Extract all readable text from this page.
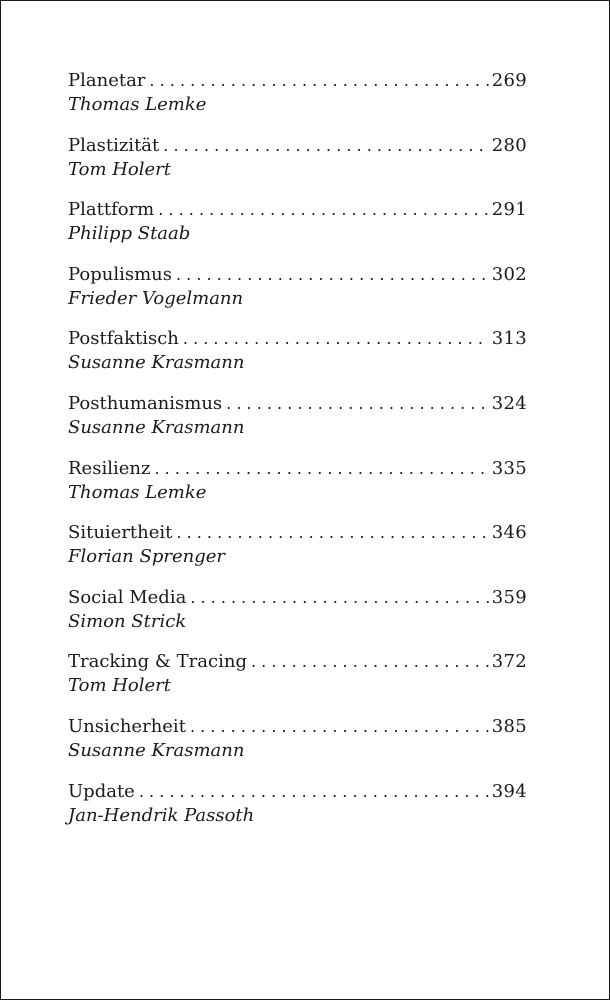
Planetar . . .	269
Thomas Lemke
Plastizität . . .	280
Tom Holert
Plattform . . .	291
Philipp Staab
Populismus . . .	302
Frieder Vogelmann
Postfaktisch . . .	313
Susanne Krasmann
Posthumanismus . . .	324
Susanne Krasmann
Resilienz . . .	335
Thomas Lemke
Situiertheit . . .	346
Florian Sprenger
Social Media . . .	359
Simon Strick
Tracking & Tracing . . .	372
Tom Holert
Unsicherheit . . .	385
Susanne Krasmann
Update . . .	394
Jan-Hendrik Passoth
